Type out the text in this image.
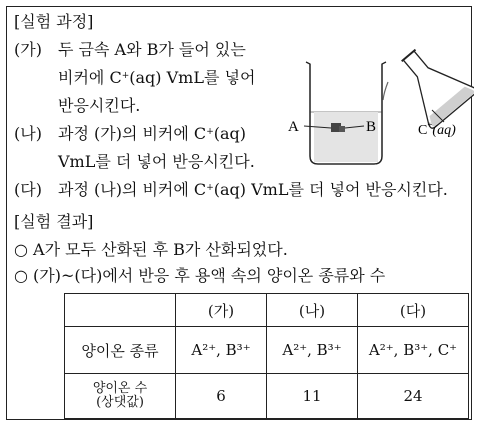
[실험 과정]
(가) 두 금속 A와 B가 들어 있는
비커에 C+(aq) VmL를 넣어
반응시킨다.
(나) 과정 (가)의 비커에 C+(aq)
VmL를 더 넣어 반응시킨다.
(다) 과정 (나)의 비커에 C+(aq) VmL를 더 넣어 반응시킨다.
A	B	C+(aq)
[실험 결과]
○ A가 모두 산화된 후 B가 산화되었다.
○ (가)~(다)에서 반응 후 용액 속의 양이온 종류와 수
	(가)	(나)	(다)
양이온 종류	A²⁺, B³⁺	A²⁺, B³⁺	A²⁺, B³⁺, C⁺

양이온 수
(상댓값)	6	11	24
